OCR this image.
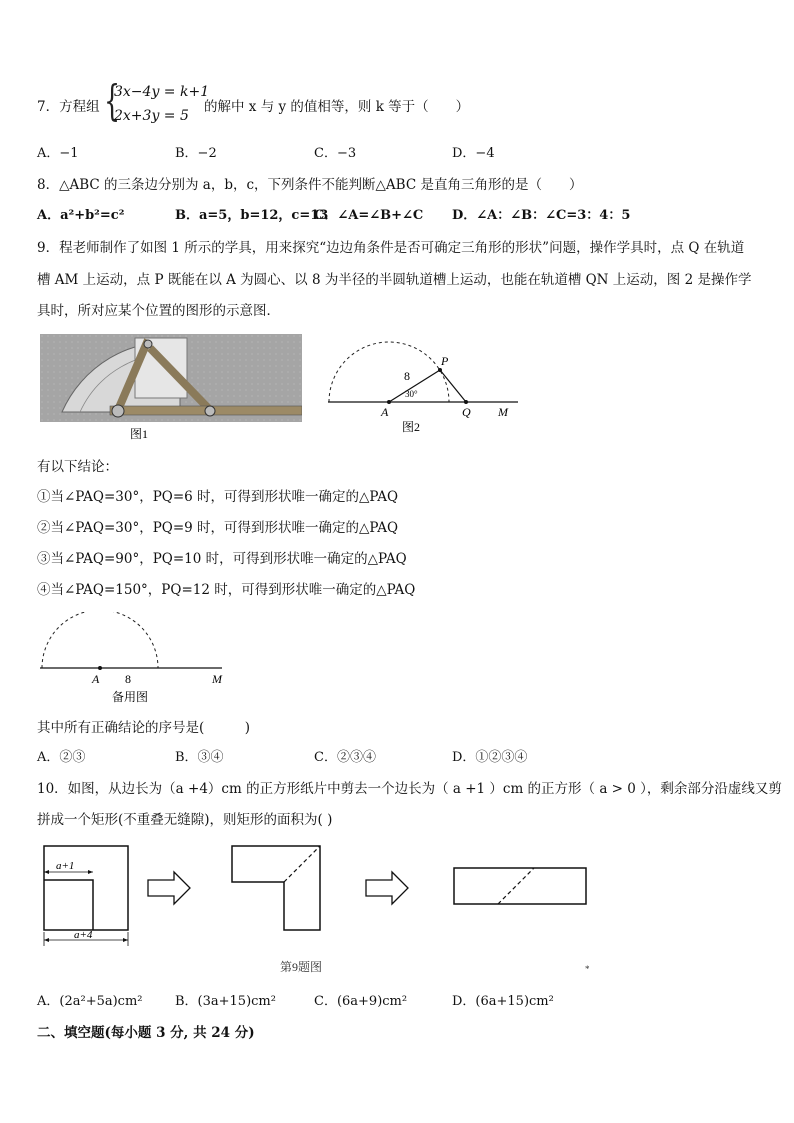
7．方程组 {
3x−4y = k+1
2x+3y = 5
的解中 x 与 y 的值相等，则 k 等于（　　）
A．−1	B．−2	C．−3	D．−4
8．△ABC 的三条边分别为 a，b，c，下列条件不能判断△ABC 是直角三角形的是（　　）
A．a²+b²=c²	B．a=5，b=12，c=13
C．∠A=∠B+∠C D．∠A：∠B：∠C=3：4：5
9．程老师制作了如图 1 所示的学具，用来探究“边边角条件是否可确定三角形的形状”问题，操作学具时，点 Q 在轨道
槽 AM 上运动，点 P 既能在以 A 为圆心、以 8 为半径的半圆轨道槽上运动，也能在轨道槽 QN 上运动，图 2 是操作学
具时，所对应某个位置的图形的示意图．
图1
P
8
30°
A	Q M
图2
有以下结论：
①当∠PAQ=30°，PQ=6 时，可得到形状唯一确定的△PAQ
②当∠PAQ=30°，PQ=9 时，可得到形状唯一确定的△PAQ
③当∠PAQ=90°，PQ=10 时，可得到形状唯一确定的△PAQ
④当∠PAQ=150°，PQ=12 时，可得到形状唯一确定的△PAQ
A 8	M
备用图
其中所有正确结论的序号是(　　　)
A．②③	B．③④	C．②③④	D．①②③④
10．如图，从边长为（a +4）cm 的正方形纸片中剪去一个边长为（ a +1 ）cm 的正方形（ a > 0 ），剩余部分沿虚线又剪
拼成一个矩形(不重叠无缝隙)，则矩形的面积为( )
a+1
a+4
第9题图	*
A．(2a²+5a)cm²	B．(3a+15)cm²	C．(6a+9)cm²	D．(6a+15)cm²
二、填空题(每小题 3 分, 共 24 分)
